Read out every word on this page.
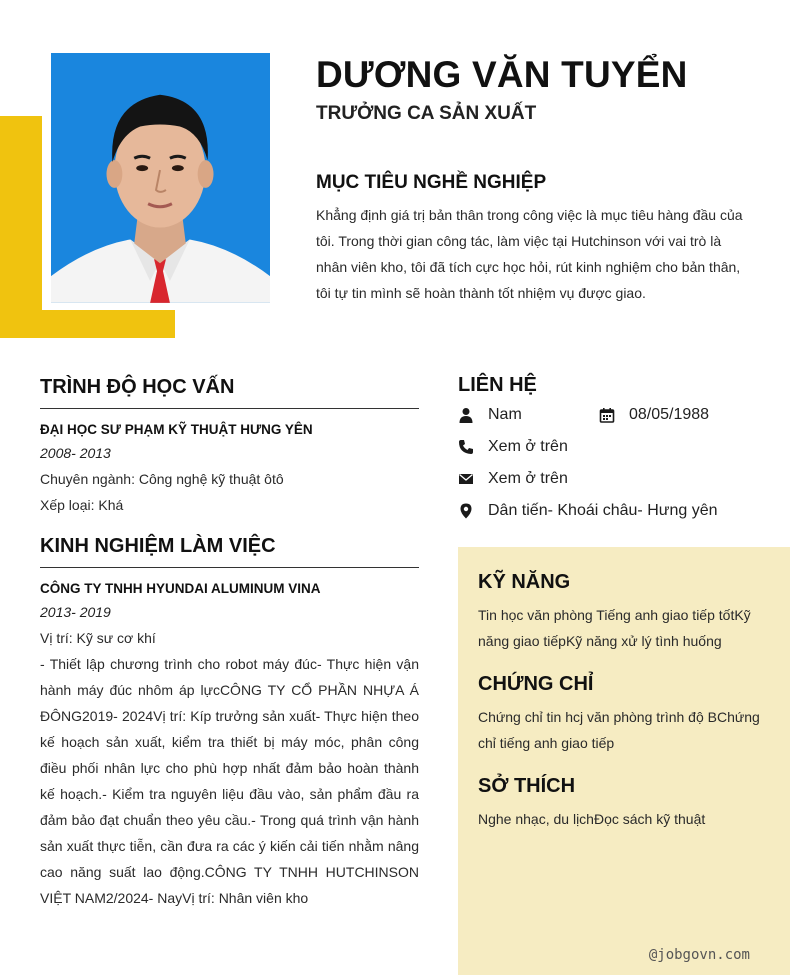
DƯƠNG VĂN TUYỂN
TRƯỞNG CA SẢN XUẤT
MỤC TIÊU NGHỀ NGHIỆP
Khẳng định giá trị bản thân trong công việc là mục tiêu hàng đầu của tôi. Trong thời gian công tác, làm việc tại Hutchinson với vai trò là nhân viên kho, tôi đã tích cực học hỏi, rút kinh nghiệm cho bản thân, tôi tự tin mình sẽ hoàn thành tốt nhiệm vụ được giao.
TRÌNH ĐỘ HỌC VẤN
ĐẠI HỌC SƯ PHẠM KỸ THUẬT HƯNG YÊN
2008- 2013
Chuyên ngành: Công nghệ kỹ thuật ôtô
Xếp loại: Khá
KINH NGHIỆM LÀM VIỆC
CÔNG TY TNHH HYUNDAI ALUMINUM VINA
2013- 2019
Vị trí: Kỹ sư cơ khí
- Thiết lập chương trình cho robot máy đúc- Thực hiện vận hành máy đúc nhôm áp lựcCÔNG TY CỔ PHẦN NHỰA Á ĐÔNG2019- 2024Vị trí: Kíp trưởng sản xuất- Thực hiện theo kế hoạch sản xuất, kiểm tra thiết bị máy móc, phân công điều phối nhân lực cho phù hợp nhất đảm bảo hoàn thành kế hoạch.- Kiểm tra nguyên liệu đầu vào, sản phẩm đầu ra đảm bảo đạt chuẩn theo yêu cầu.- Trong quá trình vận hành sản xuất thực tiễn, cần đưa ra các ý kiến cải tiến nhằm nâng cao năng suất lao động.CÔNG TY TNHH HUTCHINSON VIỆT NAM2/2024- NayVị trí: Nhân viên kho
LIÊN HỆ
Nam	08/05/1988
Xem ở trên
Xem ở trên
Dân tiến- Khoái châu- Hưng yên
KỸ NĂNG
Tin học văn phòng Tiếng anh giao tiếp tốtKỹ năng giao tiếpKỹ năng xử lý tình huống
CHỨNG CHỈ
Chứng chỉ tin hcj văn phòng trình độ BChứng chỉ tiếng anh giao tiếp
SỞ THÍCH
Nghe nhạc, du lịchĐọc sách kỹ thuật
@jobgovn.com
